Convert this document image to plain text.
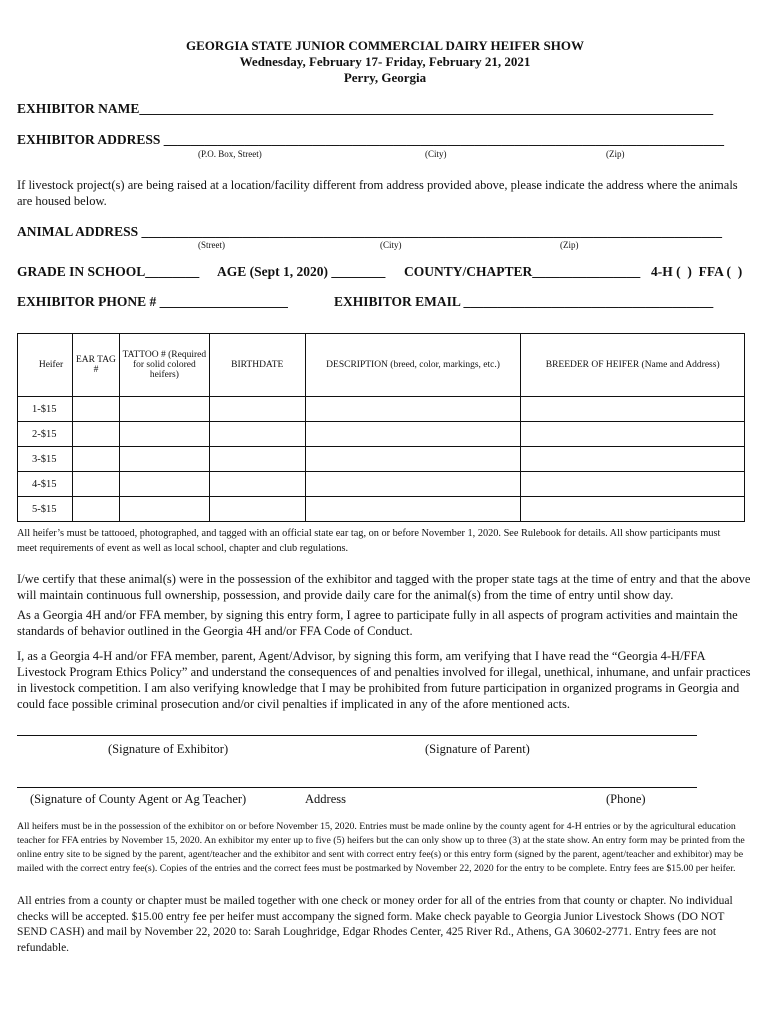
GEORGIA STATE JUNIOR COMMERCIAL DAIRY HEIFER SHOW
Wednesday, February 17- Friday, February 21, 2021
Perry, Georgia
EXHIBITOR NAME_____________________________________________________________________________________
EXHIBITOR ADDRESS ___________________________________________________________________________________
(P.O. Box, Street)	(City)	(Zip)
If livestock project(s) are being raised at a location/facility different from address provided above, please indicate the address where the animals are housed below.
ANIMAL ADDRESS ______________________________________________________________________________________
(Street)	(City)	(Zip)
GRADE IN SCHOOL________ AGE (Sept 1, 2020) ________ COUNTY/CHAPTER________________ 4-H (  )  FFA (  )
EXHIBITOR PHONE # ___________________	EXHIBITOR EMAIL _____________________________________
Heifer	EAR TAG #	TATTOO # (Required for solid colored heifers)	BIRTHDATE	DESCRIPTION (breed, color, markings, etc.)	BREEDER OF HEIFER (Name and Address)
1-$15					
2-$15					
3-$15					
4-$15					
5-$15					
All heifer’s must be tattooed, photographed, and tagged with an official state ear tag, on or before November 1, 2020. See Rulebook for details. All show participants must meet requirements of event as well as local school, chapter and club regulations.
I/we certify that these animal(s) were in the possession of the exhibitor and tagged with the proper state tags at the time of entry and that the above will maintain continuous full ownership, possession, and provide daily care for the animal(s) from the time of entry until show day.
As a Georgia 4H and/or FFA member, by signing this entry form, I agree to participate fully in all aspects of program activities and maintain the standards of behavior outlined in the Georgia 4H and/or FFA Code of Conduct.
I, as a Georgia 4-H and/or FFA member, parent, Agent/Advisor, by signing this form, am verifying that I have read the “Georgia 4-H/FFA Livestock Program Ethics Policy” and understand the consequences of and penalties involved for illegal, unethical, inhumane, and unfair practices in livestock competition. I am also verifying knowledge that I may be prohibited from future participation in organized programs in Georgia and could face possible criminal prosecution and/or civil penalties if implicated in any of the afore mentioned acts.
(Signature of Exhibitor)	(Signature of Parent)
(Signature of County Agent or Ag Teacher)	Address	(Phone)
All heifers must be in the possession of the exhibitor on or before November 15, 2020. Entries must be made online by the county agent for 4-H entries or by the agricultural education teacher for FFA entries by November 15, 2020. An exhibitor my enter up to five (5) heifers but the can only show up to three (3) at the state show. An entry form may be printed from the online entry site to be signed by the parent, agent/teacher and the exhibitor and sent with correct entry fee(s) or this entry form (signed by the parent, agent/teacher and exhibitor) may be mailed with the correct entry fee(s). Copies of the entries and the correct fees must be postmarked by November 22, 2020 for the entry to be complete. Entry fees are $15.00 per heifer.
All entries from a county or chapter must be mailed together with one check or money order for all of the entries from that county or chapter. No individual checks will be accepted. $15.00 entry fee per heifer must accompany the signed form. Make check payable to Georgia Junior Livestock Shows (DO NOT SEND CASH) and mail by November 22, 2020 to: Sarah Loughridge, Edgar Rhodes Center, 425 River Rd., Athens, GA 30602-2771. Entry fees are not refundable.
